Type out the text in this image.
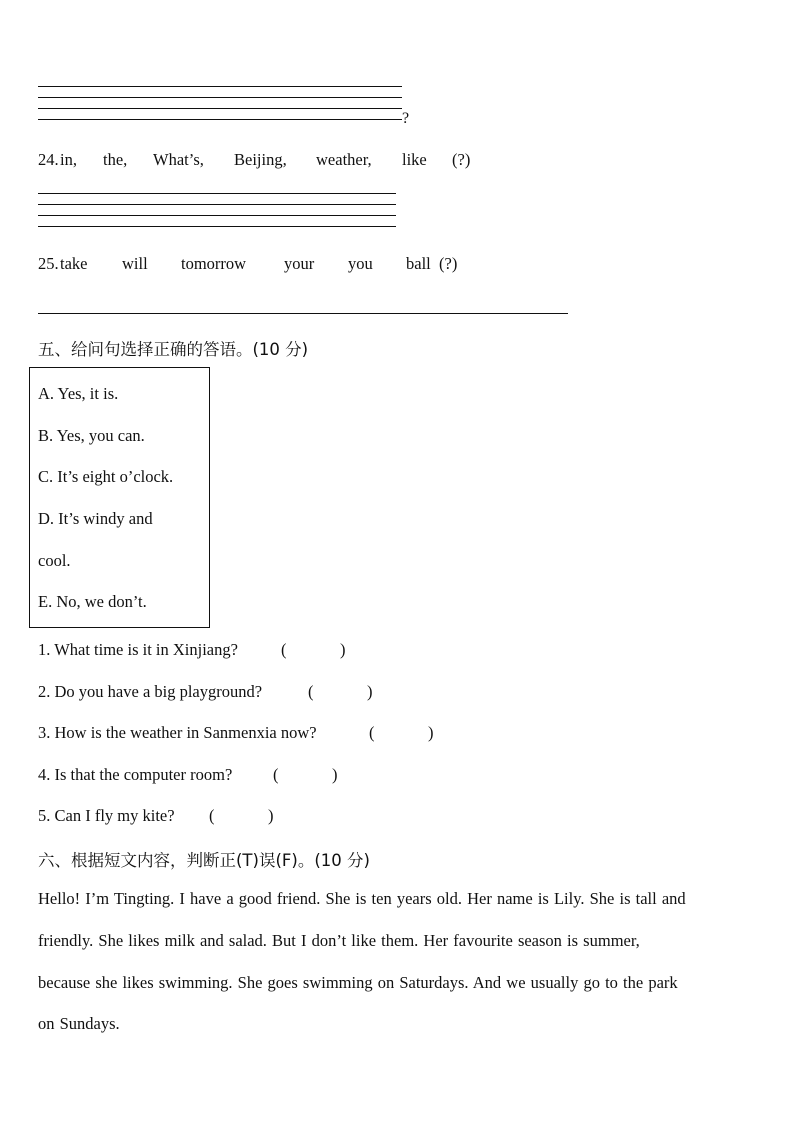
?
24. in, the, What’s, Beijing, weather, like (?)
25. take will tomorrow your you ball (?)
五、给问句选择正确的答语。(10 分)
A. Yes, it is.
B. Yes, you can.
C. It’s eight o’clock.
D. It’s windy and
cool.
E. No, we don’t.
1. What time is it in Xinjiang?	(	)
2. Do you have a big playground?	(	)
3. How is the weather in Sanmenxia now?	(	)
4. Is that the computer room? (	)
5. Can I fly my kite? (	)
六、根据短文内容，判断正(T)误(F)。(10 分)
Hello! I’m Tingting. I have a good friend. She is ten years old. Her name is Lily. She is tall and
friendly. She likes milk and salad. But I don’t like them. Her favourite season is summer,
because she likes swimming. She goes swimming on Saturdays. And we usually go to the park
on Sundays.
